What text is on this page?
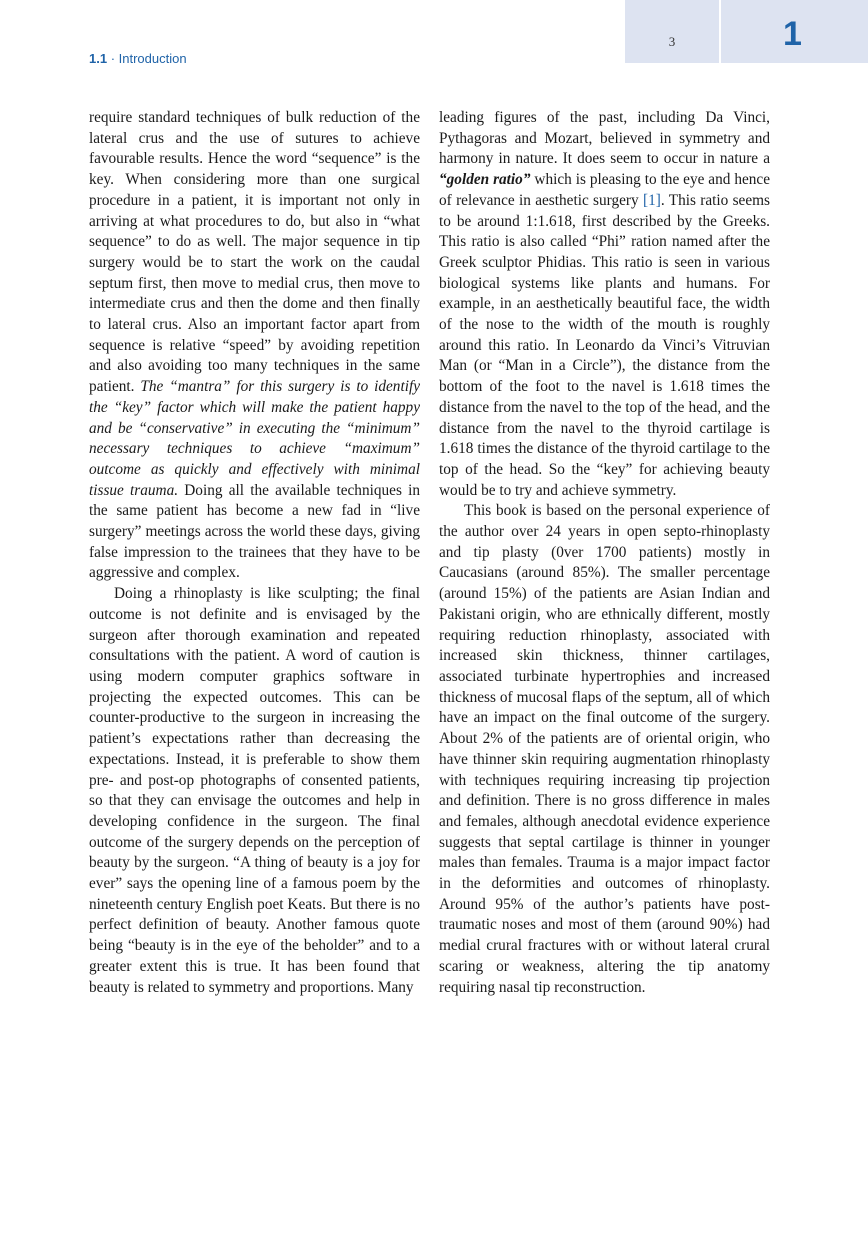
3	1
1.1 · Introduction

require standard techniques of bulk reduction of the lateral crus and the use of sutures to achieve favourable results. Hence the word “sequence” is the key. When considering more than one surgical procedure in a patient, it is important not only in arriving at what procedures to do, but also in “what sequence” to do as well. The major sequence in tip surgery would be to start the work on the caudal septum first, then move to medial crus, then move to intermediate crus and then the dome and then finally to lateral crus. Also an important factor apart from sequence is relative “speed” by avoiding repetition and also avoiding too many techniques in the same patient. The “mantra” for this surgery is to identify the “key” factor which will make the patient happy and be “conservative” in executing the “minimum” necessary techniques to achieve “maximum” outcome as quickly and effectively with minimal tissue trauma. Doing all the available techniques in the same patient has become a new fad in “live surgery” meetings across the world these days, giving false impression to the trainees that they have to be aggressive and complex.

Doing a rhinoplasty is like sculpting; the final outcome is not definite and is envisaged by the surgeon after thorough examination and repeated consultations with the patient. A word of caution is using modern computer graphics software in projecting the expected outcomes. This can be counter-productive to the surgeon in increasing the patient’s expectations rather than decreasing the expectations. Instead, it is preferable to show them pre- and post-op photographs of consented patients, so that they can envisage the outcomes and help in developing confidence in the surgeon. The final outcome of the surgery depends on the perception of beauty by the surgeon. “A thing of beauty is a joy for ever” says the opening line of a famous poem by the nineteenth century English poet Keats. But there is no perfect definition of beauty. Another famous quote being “beauty is in the eye of the beholder” and to a greater extent this is true. It has been found that beauty is related to symmetry and proportions. Many

leading figures of the past, including Da Vinci, Pythagoras and Mozart, believed in symmetry and harmony in nature. It does seem to occur in nature a “golden ratio” which is pleasing to the eye and hence of relevance in aesthetic surgery [1]. This ratio seems to be around 1:1.618, first described by the Greeks. This ratio is also called “Phi” ration named after the Greek sculptor Phidias. This ratio is seen in various biological systems like plants and humans. For example, in an aesthetically beautiful face, the width of the nose to the width of the mouth is roughly around this ratio. In Leonardo da Vinci’s Vitruvian Man (or “Man in a Circle”), the distance from the bottom of the foot to the navel is 1.618 times the distance from the navel to the top of the head, and the distance from the navel to the thyroid cartilage is 1.618 times the distance of the thyroid cartilage to the top of the head. So the “key” for achieving beauty would be to try and achieve symmetry.

This book is based on the personal experience of the author over 24 years in open septo-rhinoplasty and tip plasty (0ver 1700 patients) mostly in Caucasians (around 85%). The smaller percentage (around 15%) of the patients are Asian Indian and Pakistani origin, who are ethnically different, mostly requiring reduction rhinoplasty, associated with increased skin thickness, thinner cartilages, associated turbinate hypertrophies and increased thickness of mucosal flaps of the septum, all of which have an impact on the final outcome of the surgery. About 2% of the patients are of oriental origin, who have thinner skin requiring augmentation rhinoplasty with techniques requiring increasing tip projection and definition. There is no gross difference in males and females, although anecdotal evidence experience suggests that septal cartilage is thinner in younger males than females. Trauma is a major impact factor in the deformities and outcomes of rhinoplasty. Around 95% of the author’s patients have post-traumatic noses and most of them (around 90%) had medial crural fractures with or without lateral crural scaring or weakness, altering the tip anatomy requiring nasal tip reconstruction.
